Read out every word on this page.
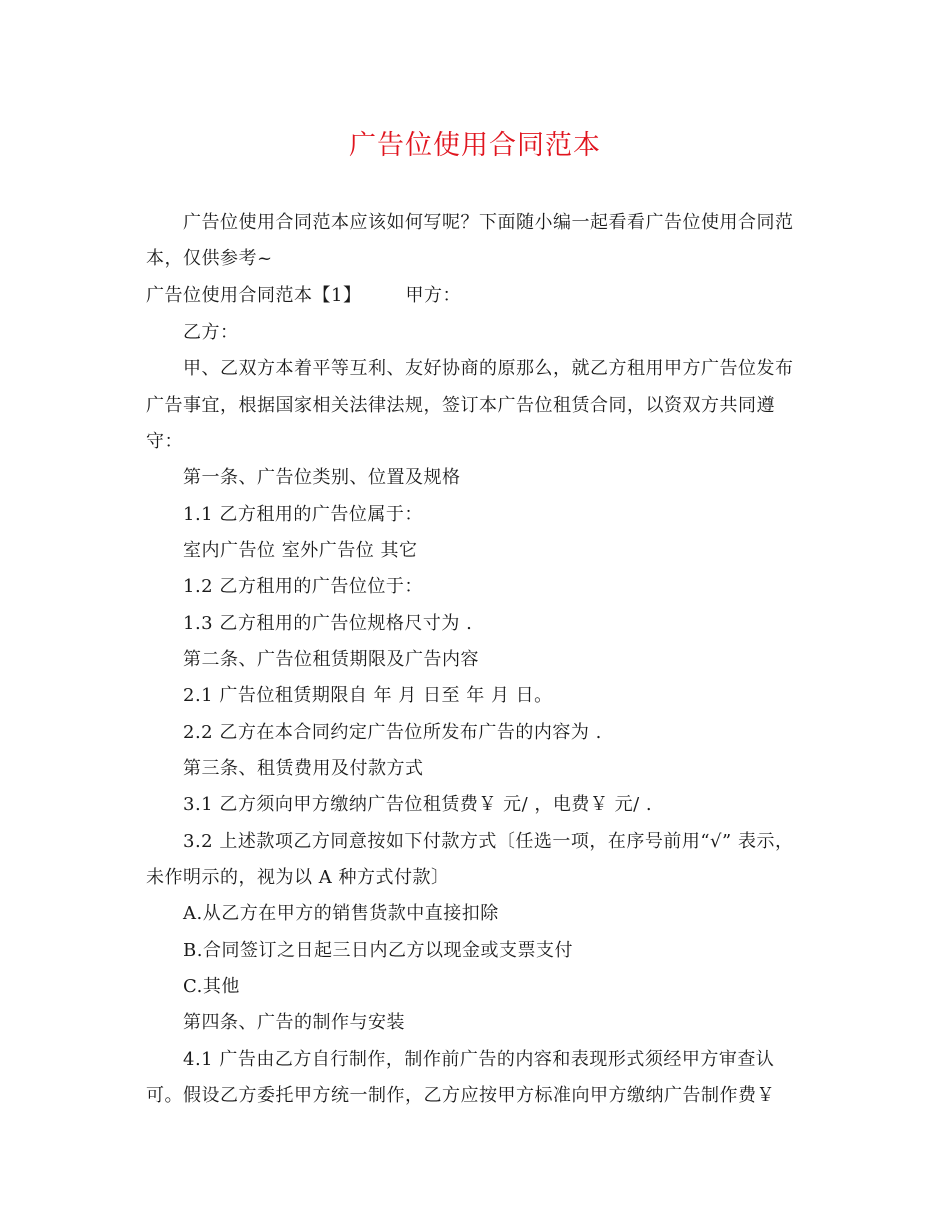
广告位使用合同范本
广告位使用合同范本应该如何写呢？下面随小编一起看看广告位使用合同范
本，仅供参考~
广告位使用合同范本【1】 甲方：
乙方：
甲、乙双方本着平等互利、友好协商的原那么，就乙方租用甲方广告位发布
广告事宜，根据国家相关法律法规，签订本广告位租赁合同，以资双方共同遵
守：
第一条、广告位类别、位置及规格
1.1 乙方租用的广告位属于：
室内广告位 室外广告位 其它
1.2 乙方租用的广告位位于：
1.3 乙方租用的广告位规格尺寸为 .
第二条、广告位租赁期限及广告内容
2.1 广告位租赁期限自 年 月 日至 年 月 日。
2.2 乙方在本合同约定广告位所发布广告的内容为 .
第三条、租赁费用及付款方式
3.1 乙方须向甲方缴纳广告位租赁费￥ 元/ ，电费￥ 元/ .
3.2 上述款项乙方同意按如下付款方式〔任选一项，在序号前用“√” 表示，
未作明示的，视为以 A 种方式付款〕
A.从乙方在甲方的销售货款中直接扣除
B.合同签订之日起三日内乙方以现金或支票支付
C.其他
第四条、广告的制作与安装
4.1 广告由乙方自行制作，制作前广告的内容和表现形式须经甲方审查认
可。假设乙方委托甲方统一制作，乙方应按甲方标准向甲方缴纳广告制作费￥
